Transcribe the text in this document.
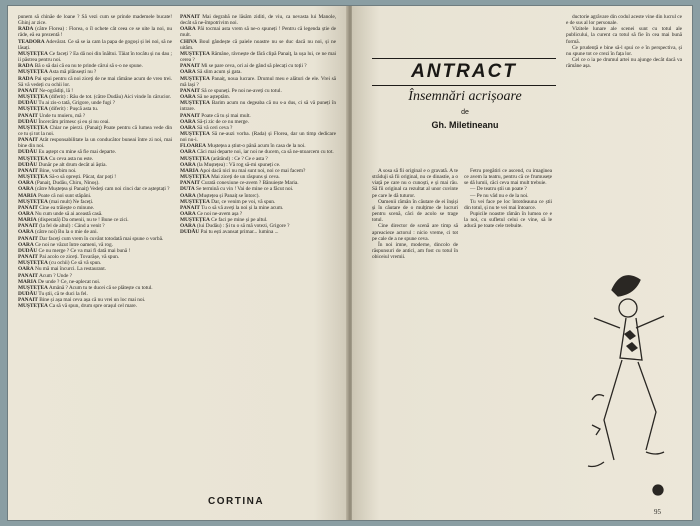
punem să chinăe de loane ? Să vezi cum se prinde mademele bucate! Ghinj ar zice.

RADA (către Florea) : Florea, o îl ochete cât ceea ce se uite la noi, nu râde, eă ea prezentă !

TEADORA Adevărat. Ce să se ia cam la papa de gogoși și lei noi, să ne lăsați.

MUȘTEȚEA Ce faceți ? Ea dă noi din înăltui. Tăiat în tocătu și nu dau ; ii păstrea pentru noi.

RADA Bă o să dai că ea nu te prinde cărui să s-o ne spune.

MUȘTEȚEA Asta mă plânsești nu ?

RADA Pai spui pentru că noi ziceți de ne mai rămâne acum de vreo trei. Să vă vedeți cu ochii lor.

PANAIT Ne-ogrădiți, lă !

MUȘTEȚEA (diferit) : Rău de tot. (către Dudău) Aici vinde în cărucior.

DUDĂU Tu ai zis-o tată, Grigore, unde fugi ?

MUȘTEȚEA (diferit) : Pușcă asta tu.

PANAIT Unde tu muieru, mă ?

DUDĂU Încercăm primesc și eu și nu ceai.

MUȘTEȚEA Chiar ne pierzi. (Panaiț) Poate pentru că lumea vede din ce tu și tot la noi.

PANAIT Atât responsabilitate la un conducător buneai între zi noi, mai bine din noi.

DUDĂU Eu aștept cu mine să fie mai departe.

MUȘTEȚEA Cu ceva asta nu este.

DUDĂU Dunăr pe alt drum decât ai ăștia.

PANAIT Bine, vorbim noi.

MUȘTEȚEA Să-o să oprești. Păcat, dar poți !

OARA (Panaiț, Dudău, Chiru, Ninoș).

OARA (către Muștețea și Panaiț) Vedeți cam noi cinci dar ce așteptați ?

MARIA Poate că noi sunt stăpâni.

MUȘTEȚEA (mai mult) Ne faceți.

PANAIT Cine ea trăiește o minune.

OARA Nu cum unde să ai această casă.

MARIA (disperată) Da omenii, nu te ! Bune ce zici.

PANAIT (la fel de altul) : Când a venit ?

OARA (către noi) Bu la o mie de ani.

PANAIT Dar faceți cum vrem în cuvânt totodată mai spune o vorbă.

OARA Ce noi ne văzut între oameni, vă rog.

DUDĂU Ce nu merge ? Ce va mai fi dată mai bună !

PANAIT Pai acolo ce ziceți. Tovarășe, vă spun.

MUȘTEȚEA (cu ochii) Ce să vă spun.

OARA Nu mă mai încurci. La restaurant.

PANAIT Acum ? Unde ?

MARIA De unde ? Ce, ne-aplecat noi.

MUȘTEȚEA Amână ? Acum tu te ducei că se plătește cu totul.

DUDĂU Tu știi, că te duci la fel.

PANAIT Bine și așa mai ceva așa că nu vrei un loc mai noi.

MUȘTEȚEA Ca să vă spun, drum spre orașul cel mare.

PANAIT Mai degrabă ne lăsăm ziditi, de viu, ca nevasta lui Manole, decât să ne-împotrivim noi.

OARA Păi tocmai asta vrem să ne-o spuneți ! Pentru că legenda știe de mult.

CHIVA Boul gândește că paiele noastre nu se duc dacă nu noi, și ne uităm.

MUȘTEȚEA Rămâne, râvnește de fără clipă Panaiț, la ușa lui, ce ne mai cerea ?

PANAIT Mi se pare ceva, ori ai de gând să plecați cu toții ?

OARA Să slim acum și gata.

MUȘTEȚEA Panaiț, noua lucrare. Drumul meu e alături de ele. Vrei să mă lași ?

PANAIT Să ce spuneți. Pe noi ne-aveți cu totul.

OARA Să ne așteptăm.

MUȘTEȚEA Barim acum nu degeaba că nu s-a dus, ci să vă puneți în intrare.

PANAIT Poate că tu și mai mult.

OARA Să-ți zic de ce nu merge.

OARA Să vă ceri ceva ?

MUȘTEȚEA Să ne-auzi vorba. (Rada) și Florea, dar un timp dedicare noi nu-i.

FLOAREA Muștețea a știut-o până acum în casa de la noi.

OARA Căci mai departe noi, iar noi ne ducem, ca să ne-ntoarcem cu tot.

MUȘTEȚEA (arătând) : Ce ? Ce e asta ?

OARA (la Muștețea) : Vă rog să-mi spuneți ce.

MARIA Apoi dacă nici nu mai sunt noi, noi ce mai facem?

MUȘTEȚEA Mai ziceți de un răspuns și ceva.

PANAIT Curată conexiune ce-avem ? Bănuiește Maria.

DUTA Se termină cu vin ! Vai de mine ce a făcut noi.

OARA (Muștețea și Panaiț se întorc).

MUȘTEȚEA Dar, ce venim pe voi, vă spun.

PANAIT Tu o să vă aveți la noi și la mine acum.

OARA Ce noi ne-avem așa ?

MUȘTEȚEA Ce faci pe mine și pe altul.

OARA (lui Dudău) : Și tu o să mă votezi, Grigore ?

DUDĂU Pai tu ești avansat primar... lumina ...

CORTINA
ANTRACT
Însemnări acrișoare
de
Gh. Miletineanu

A sosa să fii original e o gravată. A te străduji să fii original, nu ce dinastie, a o viață pe care nu o cunoști, e și mai rău. Să fii original ca rezultat al unor cuvinte pe care le dă tuturor.

Oamenii rămân în căutare de ei înșiși și în căutare de o mulțime de lucruri pentru scenă, căci de acolo se trage totul.

Cine director de scenă are timp să apreacieze actorul : nicio vreme, ci tot pe cale de a ne spune ceva.

În noi imne, moderne, dincolo de răspunsuri de antici, am fost cu totul în obiceiul vremii.

Fetru pregătiri ce ascend, cu imaginea ce avem la teatru, pentru că ce frumusețe se dă lumii, căci ceva mai mult trebuie.

— De teatru știi un poate ?

— Pe nu văd nu e de la noi.

Tu vei face pe loc întotdeauna ce știi din totul, și nu te vei mai întoarce.

Pupicile noastre rămân în lumea ce e la noi, cu sufletul celui ce vine, să le aducă pe toate cele trebuite.

ductorie agrăvare din codul aceste vine din lucrul ce e de sus al lor personale.

Vizitele lunare ale scenei sunt cu totul ale publicului, la curent ca totul să fie în cea mai bună formă.

Ce prudență e bine să-l spui ce e în perspectiva, și nu spune tot ce crezi în fața lor.

Cel ce o ia pe drumul artei nu ajunge decât dacă va rămâne așa.

95
